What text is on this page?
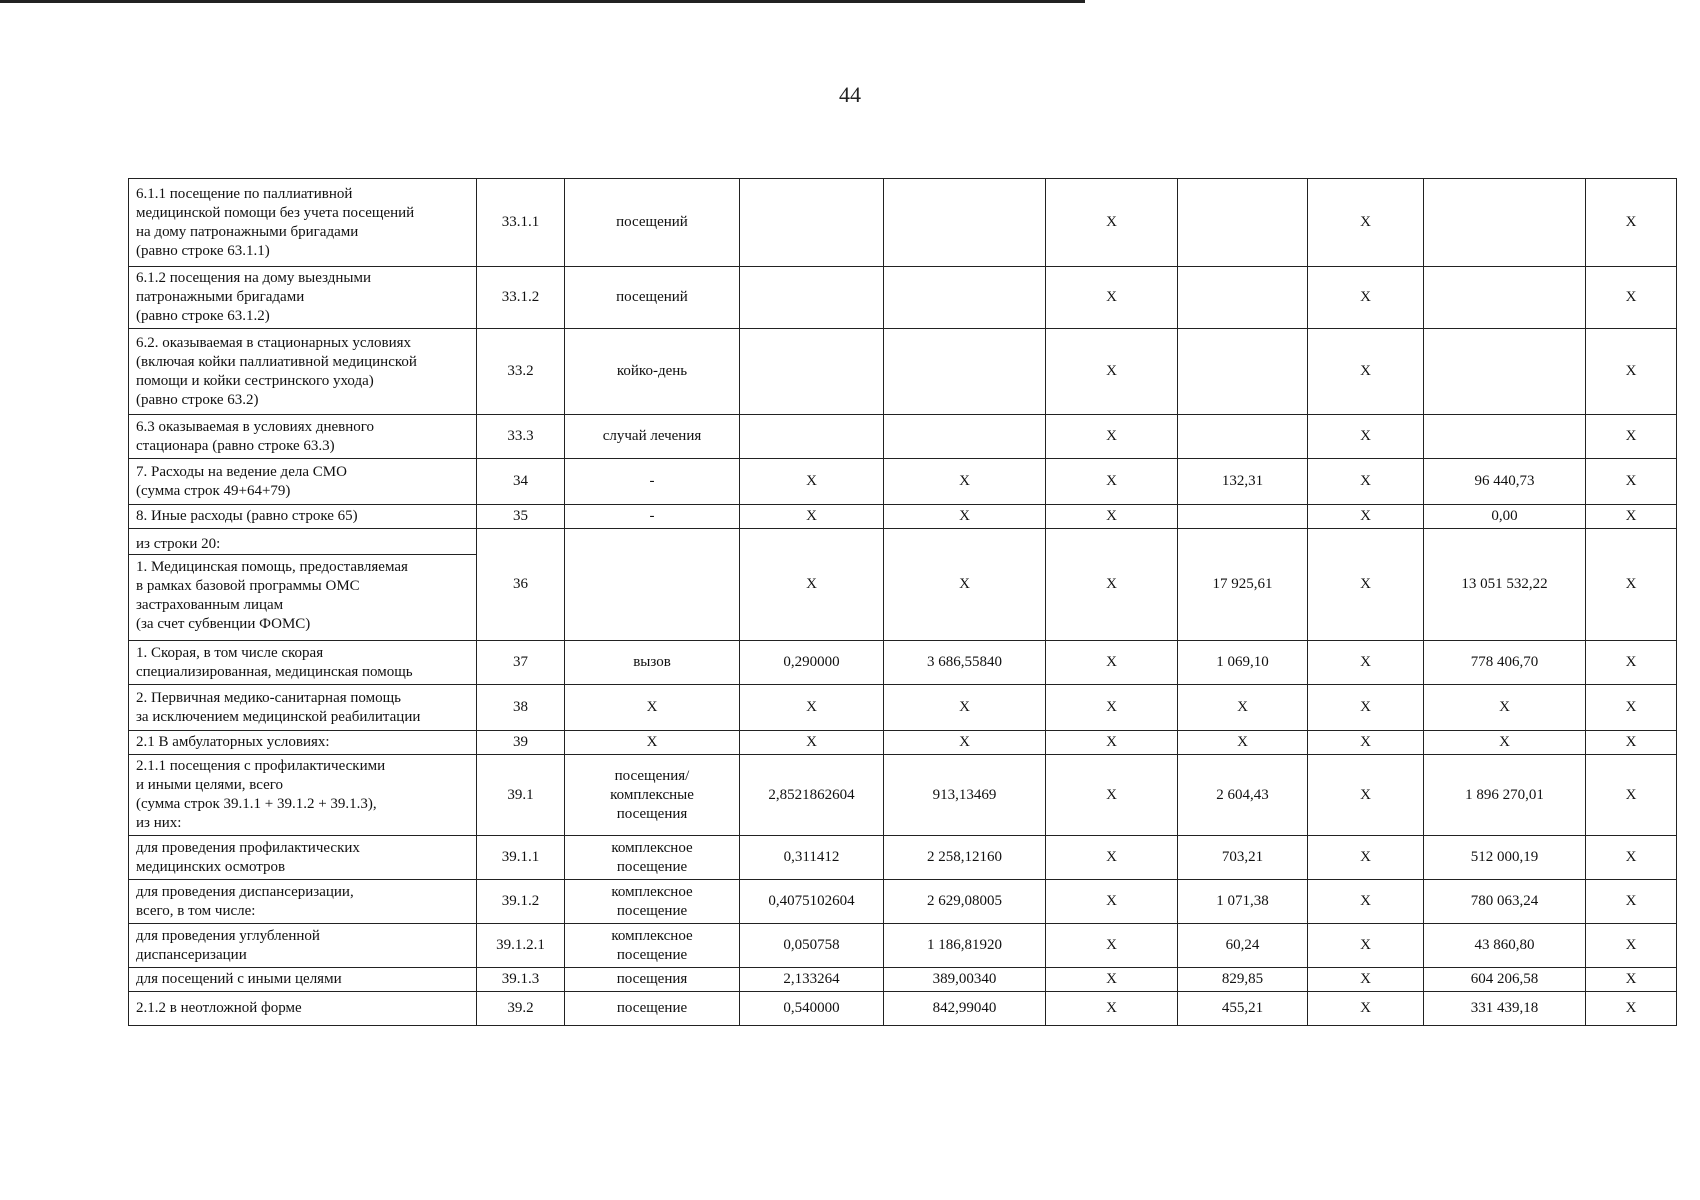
44
6.1.1 посещение по паллиативной
медицинской помощи без учета посещений
на дому патронажными бригадами
(равно строке 63.1.1)	33.1.1	посещений			X		X		X

6.1.2 посещения на дому выездными
патронажными бригадами
(равно строке 63.1.2)	33.1.2	посещений			X		X		X

6.2. оказываемая в стационарных условиях
(включая койки паллиативной медицинской
помощи и койки сестринского ухода)
(равно строке 63.2)	33.2	койко-день			X		X		X

6.3 оказываемая в условиях дневного
стационара (равно строке 63.3)	33.3	случай лечения			X		X		X

7. Расходы на ведение дела СМО
(сумма строк 49+64+79)	34	-	X	X	X	132,31	X	96 440,73	X

8. Иные расходы (равно строке 65)	35	-	X	X	X		X	0,00	X

из строки 20:
1. Медицинская помощь, предоставляемая
в рамках базовой программы ОМС
застрахованным лицам
(за счет субвенции ФОМС)	36		X	X	X	17 925,61	X	13 051 532,22	X

1. Скорая, в том числе скорая
специализированная, медицинская помощь	37	вызов	0,290000	3 686,55840	X	1 069,10	X	778 406,70	X

2. Первичная медико-санитарная помощь
за исключением медицинской реабилитации	38	X	X	X	X	X	X	X	X

2.1 В амбулаторных условиях:	39	X	X	X	X	X	X	X	X

2.1.1 посещения с профилактическими
и иными целями, всего
(сумма строк 39.1.1 + 39.1.2 + 39.1.3),
из них:	39.1	посещения/
комплексные
посещения	2,8521862604	913,13469	X	2 604,43	X	1 896 270,01	X

для проведения профилактических
медицинских осмотров	39.1.1	комплексное
посещение	0,311412	2 258,12160	X	703,21	X	512 000,19	X

для проведения диспансеризации,
всего, в том числе:	39.1.2	комплексное
посещение	0,4075102604	2 629,08005	X	1 071,38	X	780 063,24	X

для проведения углубленной
диспансеризации	39.1.2.1	комплексное
посещение	0,050758	1 186,81920	X	60,24	X	43 860,80	X

для посещений с иными целями	39.1.3	посещения	2,133264	389,00340	X	829,85	X	604 206,58	X

2.1.2 в неотложной форме	39.2	посещение	0,540000	842,99040	X	455,21	X	331 439,18	X
